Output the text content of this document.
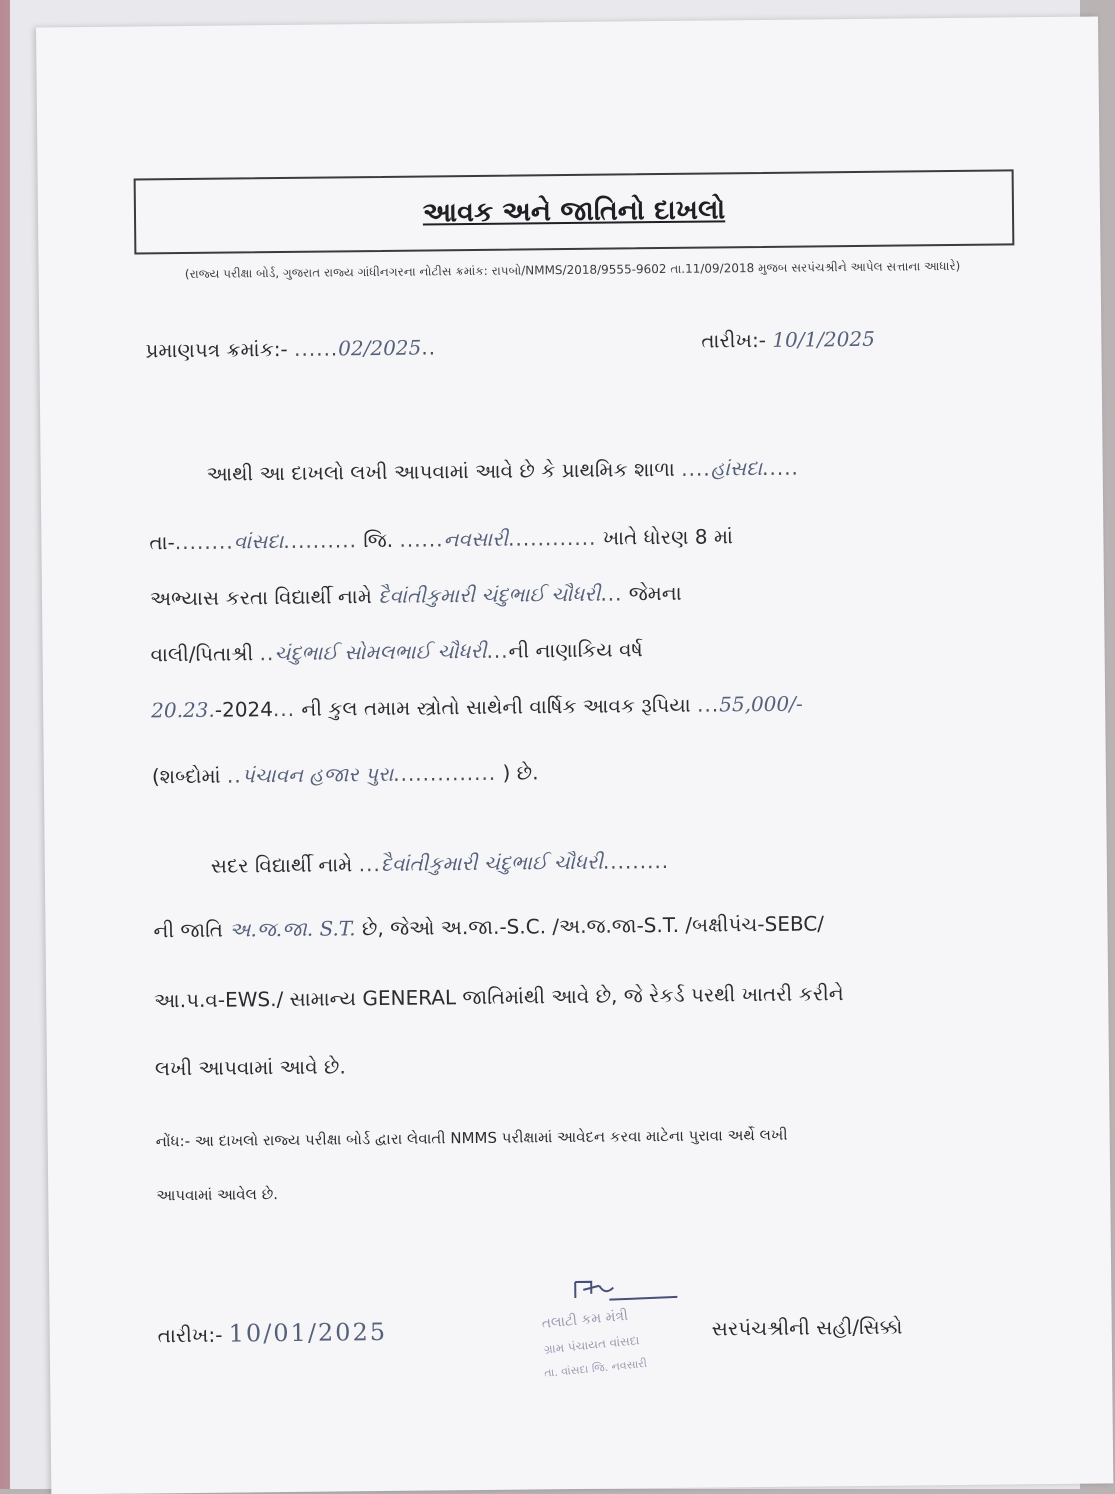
આવક અને જાતિનો દાખલો
(રાજ્ય પરીક્ષા બોર્ડ, ગુજરાત રાજ્ય ગાંધીનગરના નોટીસ ક્રમાંક: રાપબો/NMMS/2018/9555-9602 તા.11/09/2018 મુજબ સરપંચશ્રીને આપેલ સત્તાના આધારે)
પ્રમાણપત્ર ક્રમાંક:- ......02/2025..	તારીખ:- 10/1/2025
આથી આ દાખલો લખી આપવામાં આવે છે કે પ્રાથમિક શાળા ....હાંસદા.....
તા-........વાંસદા.......... જિ. ......નવસારી............ ખાતે ધોરણ 8 માં
અભ્યાસ કરતા વિદ્યાર્થી નામે દૈવાંતીકુમારી ચંદુભાઈ ચૌધરી... જેમના
વાલી/પિતાશ્રી ..ચંદુભાઈ સોમલભાઈ ચૌધરી...ની નાણાકિય વર્ષ
20.23.-2024... ની કુલ તમામ સ્ત્રોતો સાથેની વાર્ષિક આવક રૂપિયા ...55,000/-
(શબ્દોમાં ..પંચાવન હજાર પુરા.............. ) છે.
સદર વિદ્યાર્થી નામે ...દૈવાંતીકુમારી ચંદુભાઈ ચૌધરી.........
ની જાતિ અ.જ.જા. S.T. છે, જેઓ અ.જા.-S.C. /અ.જ.જા-S.T. /બક્ષીપંચ-SEBC/
આ.પ.વ-EWS./ સામાન્ય GENERAL જાતિમાંથી આવે છે, જે રેકર્ડ પરથી ખાતરી કરીને
લખી આપવામાં આવે છે.
નોંધ:- આ દાખલો રાજ્ય પરીક્ષા બોર્ડ દ્વારા લેવાતી NMMS પરીક્ષામાં આવેદન કરવા માટેના પુરાવા અર્થે લખી
આપવામાં આવેલ છે.
તારીખ:- 10/01/2025	તલાટી કમ મંત્રી
ગ્રામ પંચાયત વાંસદા
તા. વાંસદા જિ. નવસારી
સરપંચશ્રીની સહી/સિક્કો
